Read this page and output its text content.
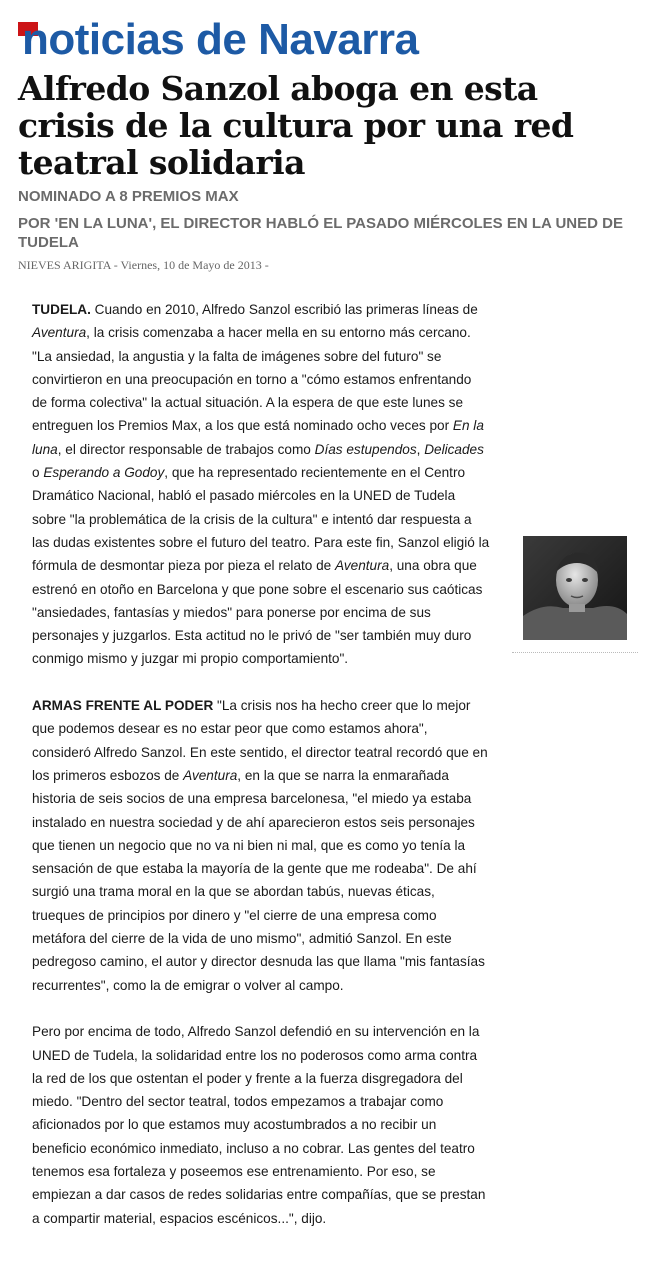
noticias de Navarra
Alfredo Sanzol aboga en esta crisis de la cultura por una red teatral solidaria
NOMINADO A 8 PREMIOS MAX
POR 'EN LA LUNA', EL DIRECTOR HABLÓ EL PASADO MIÉRCOLES EN LA UNED DE TUDELA
NIEVES ARIGITA - Viernes, 10 de Mayo de 2013 -

TUDELA. Cuando en 2010, Alfredo Sanzol escribió las primeras líneas de Aventura, la crisis comenzaba a hacer mella en su entorno más cercano. "La ansiedad, la angustia y la falta de imágenes sobre del futuro" se convirtieron en una preocupación en torno a "cómo estamos enfrentando de forma colectiva" la actual situación. A la espera de que este lunes se entreguen los Premios Max, a los que está nominado ocho veces por En la luna, el director responsable de trabajos como Días estupendos, Delicades o Esperando a Godoy, que ha representado recientemente en el Centro Dramático Nacional, habló el pasado miércoles en la UNED de Tudela sobre "la problemática de la crisis de la cultura" e intentó dar respuesta a las dudas existentes sobre el futuro del teatro. Para este fin, Sanzol eligió la fórmula de desmontar pieza por pieza el relato de Aventura, una obra que estrenó en otoño en Barcelona y que pone sobre el escenario sus caóticas "ansiedades, fantasías y miedos" para ponerse por encima de sus personajes y juzgarlos. Esta actitud no le privó de "ser también muy duro conmigo mismo y juzgar mi propio comportamiento".

ARMAS FRENTE AL PODER "La crisis nos ha hecho creer que lo mejor que podemos desear es no estar peor que como estamos ahora", consideró Alfredo Sanzol. En este sentido, el director teatral recordó que en los primeros esbozos de Aventura, en la que se narra la enmarañada historia de seis socios de una empresa barcelonesa, "el miedo ya estaba instalado en nuestra sociedad y de ahí aparecieron estos seis personajes que tienen un negocio que no va ni bien ni mal, que es como yo tenía la sensación de que estaba la mayoría de la gente que me rodeaba". De ahí surgió una trama moral en la que se abordan tabús, nuevas éticas, trueques de principios por dinero y "el cierre de una empresa como metáfora del cierre de la vida de uno mismo", admitió Sanzol. En este pedregoso camino, el autor y director desnuda las que llama "mis fantasías recurrentes", como la de emigrar o volver al campo.

Pero por encima de todo, Alfredo Sanzol defendió en su intervención en la UNED de Tudela, la solidaridad entre los no poderosos como arma contra la red de los que ostentan el poder y frente a la fuerza disgregadora del miedo. "Dentro del sector teatral, todos empezamos a trabajar como aficionados por lo que estamos muy acostumbrados a no recibir un beneficio económico inmediato, incluso a no cobrar. Las gentes del teatro tenemos esa fortaleza y poseemos ese entrenamiento. Por eso, se empiezan a dar casos de redes solidarias entre compañías, que se prestan a compartir material, espacios escénicos...", dijo.
